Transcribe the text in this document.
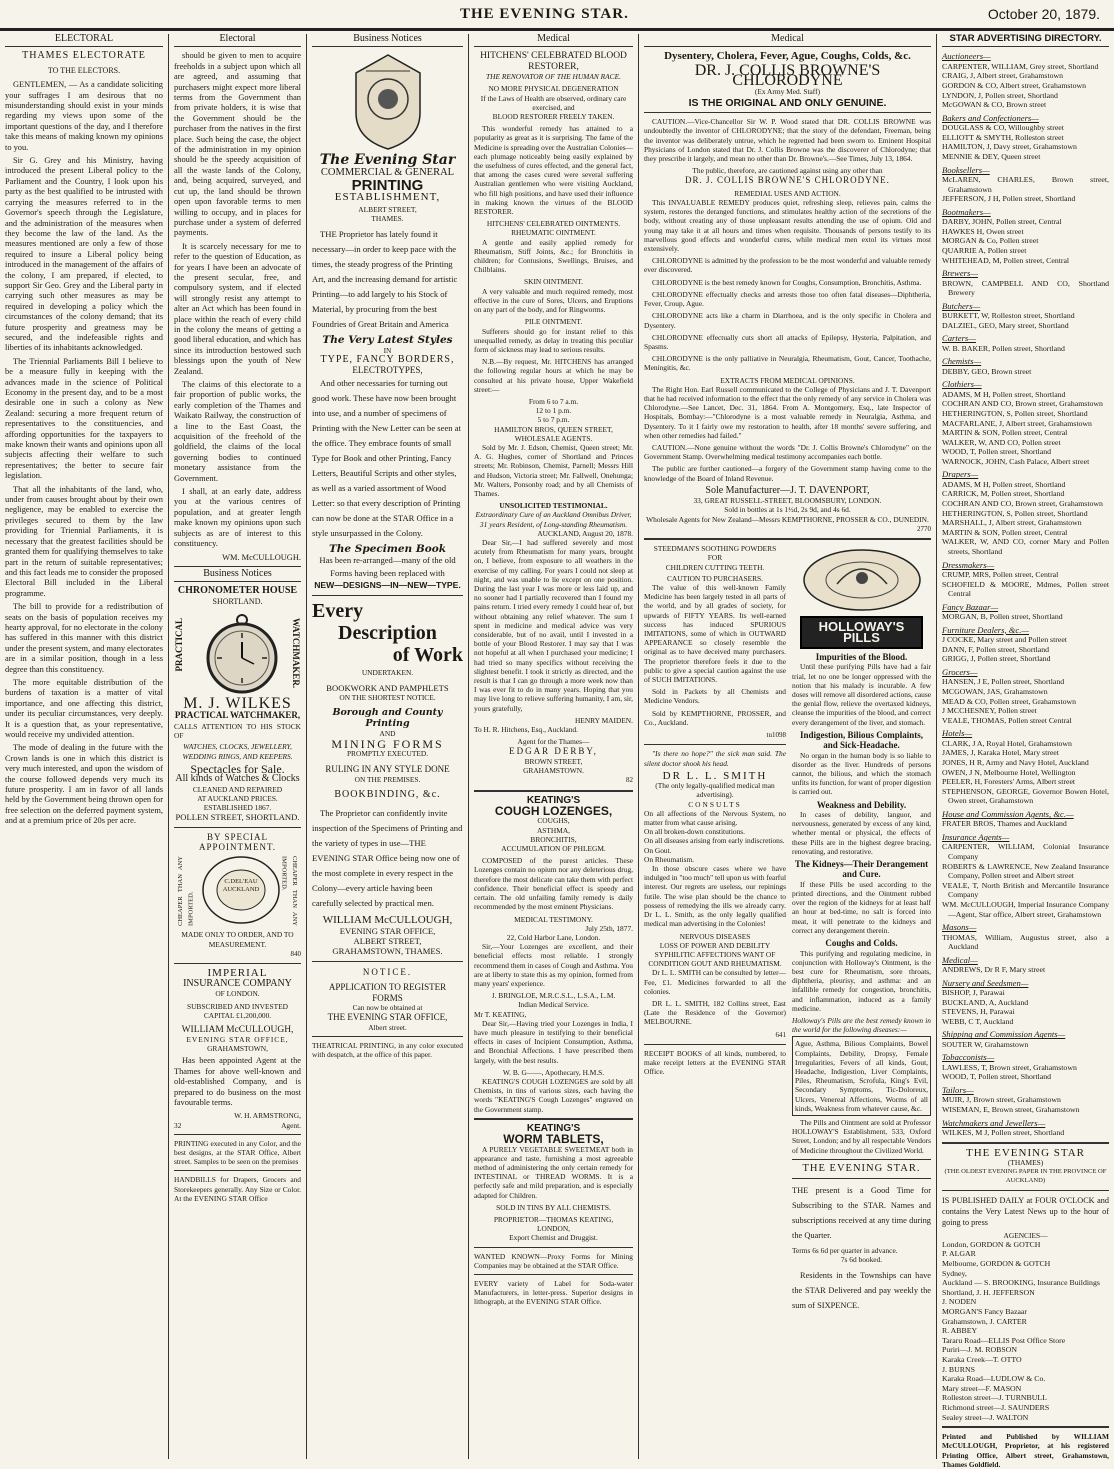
THE EVENING STAR.	October 20, 1879.
ELECTORAL
THAMES ELECTORATE
TO THE ELECTORS.

GENTLEMEN, — As a candidate soliciting your suffrages I am desirous that no misunderstanding should exist in your minds regarding my views upon some of the important questions of the day, and I therefore take this means of making known my opinions to you.

Sir G. Grey and his Ministry, having introduced the present Liberal policy to the Parliament and the Country, I look upon his party as the best qualified to be intrusted with carrying the measures referred to in the Governor's speech through the Legislature, and the administration of the measures when they become the law of the land. As the measures mentioned are only a few of those required to insure a Liberal policy being introduced in the management of the affairs of the colony, I am prepared, if elected, to support Sir Geo. Grey and the Liberal party in carrying such other measures as may be required in developing a policy which the circumstances of the colony demand; that its future prosperity and greatness may be secured, and the indefeasible rights and liberties of its inhabitants acknowledged.

The Triennial Parliaments Bill I believe to be a measure fully in keeping with the advances made in the science of Political Economy in the present day, and to be a most desirable one in such a colony as New Zealand: securing a more frequent return of representatives to the constituencies, and affording opportunities for the taxpayers to make known their wants and opinions upon all subjects affecting their welfare to such representatives; the better to secure fair legislation.

That all the inhabitants of the land, who, under from causes brought about by their own negligence, may be enabled to exercise the privileges secured to them by the law providing for Triennial Parliaments, it is necessary that the greatest facilities should be granted them for qualifying themselves to take part in the return of suitable representatives; and this fact leads me to consider the proposed Electoral Bill included in the Liberal programme.

The bill to provide for a redistribution of seats on the basis of population receives my hearty approval, for no electorate in the colony has suffered in this manner with this district under the present system, and many electorates are in a similar position, though in a less degree than this constituency.

The more equitable distribution of the burdens of taxation is a matter of vital importance, and one affecting this district, under its peculiar circumstances, very deeply. It is a question that, as your representative, would receive my undivided attention.

The mode of dealing in the future with the Crown lands is one in which this district is very much interested, and upon the wisdom of the course followed depends very much its future prosperity. I am in favor of all lands held by the Government being thrown open for free selection on the deferred payment system, and at a premium price of 20s per acre.

Electoral

should be given to men to acquire freeholds in a subject upon which all are agreed, and assuming that purchasers might expect more liberal terms from the Government than from private holders, it is wise that the Government should be the purchaser from the natives in the first place. Such being the case, the object of the administration in my opinion should be the speedy acquisition of all the waste lands of the Colony, and, being acquired, surveyed, and cut up, the land should be thrown open upon favorable terms to men willing to occupy, and in places for purchase under a system of deferred payments.

It is scarcely necessary for me to refer to the question of Education, as for years I have been an advocate of the present secular, free, and compulsory system, and if elected will strongly resist any attempt to alter an Act which has been found in place within the reach of every child in the colony the means of getting a good liberal education, and which has since its introduction bestowed such blessings upon the youth of New Zealand.

The claims of this electorate to a fair proportion of public works, the early completion of the Thames and Waikato Railway, the construction of a line to the East Coast, the acquisition of the freehold of the goldfield, the claims of the local governing bodies to continued monetary assistance from the Government.

I shall, at an early date, address you at the various centres of population, and at greater length make known my opinions upon such subjects as are of interest to this constituency.

WM. McCULLOUGH.
Business Notices
CHRONOMETER HOUSE
SHORTLAND.
PRACTICAL	WATCHMAKER.
M. J. WILKES
PRACTICAL WATCHMAKER,
CALLS ATTENTION TO HIS STOCK OF
WATCHES, CLOCKS, JEWELLERY, WEDDING RINGS, AND KEEPERS.
Spectacles for Sale.
All kinds of Watches & Clocks
CLEANED AND REPAIRED
AT AUCKLAND PRICES.
ESTABLISHED 1867.
POLLEN STREET, SHORTLAND.
BY SPECIAL APPOINTMENT.
CHEAPER THAN ANY IMPORTED.
C.DEL'EAU AUCKLAND	CHEAPER THAN ANY IMPORTED.
MADE ONLY TO ORDER, AND TO MEASUREMENT.
840
IMPERIAL
INSURANCE COMPANY
OF LONDON.
SUBSCRIBED AND INVESTED
CAPITAL £1,200,000.
WILLIAM McCULLOUGH,
EVENING STAR OFFICE,
GRAHAMSTOWN,

Has been appointed Agent at the Thames for above well-known and old-established Company, and is prepared to do business on the most favourable terms.

W. H. ARMSTRONG,
32	Agent.

PRINTING executed in any Color, and the best designs, at the STAR Office, Albert street. Samples to be seen on the premises

HANDBILLS for Drapers, Grocers and Storekeepers generally. Any Size or Color. At the EVENING STAR Office

Business Notices
The Evening Star
COMMERCIAL & GENERAL
PRINTING
ESTABLISHMENT,
ALBERT STREET,
THAMES.

THE Proprietor has lately found it necessary—in order to keep pace with the times, the steady progress of the Printing Art, and the increasing demand for artistic Printing—to add largely to his Stock of Material, by procuring from the best Foundries of Great Britain and America

The Very Latest Styles
IN
TYPE, FANCY BORDERS,
ELECTROTYPES,

And other necessaries for turning out good work. These have now been brought into use, and a number of specimens of Printing with the New Letter can be seen at the office. They embrace founts of small Type for Book and other Printing, Fancy Letters, Beautiful Scripts and other styles, as well as a varied assortment of Wood Letter: so that every description of Printing can now be done at the STAR Office in a style unsurpassed in the Colony.

The Specimen Book
Has been re-arranged—many of the old Forms having been replaced with
NEW—DESIGNS—IN—NEW—TYPE.
Every
Description
of Work
UNDERTAKEN.
BOOKWORK AND PAMPHLETS
ON THE SHORTEST NOTICE.
Borough and County Printing
AND
MINING FORMS
PROMPTLY EXECUTED.
RULING IN ANY STYLE DONE
ON THE PREMISES.
BOOKBINDING, &c.

The Proprietor can confidently invite inspection of the Specimens of Printing and the variety of types in use—THE EVENING STAR Office being now one of the most complete in every respect in the Colony—every article having been carefully selected by practical men.

WILLIAM McCULLOUGH,
EVENING STAR OFFICE,
ALBERT STREET,
GRAHAMSTOWN, THAMES.
NOTICE.
APPLICATION TO REGISTER
FORMS
Can now be obtained at
THE EVENING STAR OFFICE,
Albert street.

THEATRICAL PRINTING, in any color executed with despatch, at the office of this paper.

Medical
HITCHENS' CELEBRATED BLOOD RESTORER,
THE RENOVATOR OF THE HUMAN RACE.
NO MORE PHYSICAL DEGENERATION
If the Laws of Health are observed, ordinary care exercised, and
BLOOD RESTORER FREELY TAKEN.

This wonderful remedy has attained to a popularity as great as it is surprising. The fame of the Medicine is spreading over the Australian Colonies—each plumage noticeably being easily explained by the usefulness of cures effected, and the general fact, that among the cases cured were several suffering Australian gentlemen who were visiting Auckland, who fill high positions, and have used their influence in making known the virtues of the BLOOD RESTORER.

HITCHENS' CELEBRATED OINTMENTS.
RHEUMATIC OINTMENT.

A gentle and easily applied remedy for Rheumatism, Stiff Joints, &c.; for Bronchitis in children; for Contusions, Swellings, Bruises, and Chilblains.

SKIN OINTMENT.

A very valuable and much required remedy, most effective in the cure of Sores, Ulcers, and Eruptions on any part of the body, and for Ringworms.

PILE OINTMENT.

Sufferers should go for instant relief to this unequalled remedy, as delay in treating this peculiar form of sickness may lead to serious results.

N.B.—By request, Mr. HITCHENS has arranged the following regular hours at which he may be consulted at his private house, Upper Wakefield street:—

From 6 to 7 a.m.
12 to 1 p.m.
5 to 7 p.m.
HAMILTON BROS, QUEEN STREET,
WHOLESALE AGENTS.

Sold by Mr. J. Edson, Chemist, Queen street; Mr. A. G. Hughes, corner of Shortland and Princes streets; Mr. Robinson, Chemist, Parnell; Messrs Hill and Hudson, Victoria street; Mr. Fallwell, Onehunga; Mr. Walters, Ponsonby road; and by all Chemists of Thames.

UNSOLICITED TESTIMONIAL.
Extraordinary Cure of an Auckland Omnibus Driver, 31 years Resident, of Long-standing Rheumatism.
AUCKLAND, August 20, 1878.

Dear Sir,—I had suffered severely and most acutely from Rheumatism for many years, brought on, I believe, from exposure to all weathers in the exercise of my calling. For years I could not sleep at night, and was unable to lie except on one position. During the last year I was more or less laid up, and no sooner had I partially recovered than I found my pains return. I tried every remedy I could hear of, but without obtaining any relief whatever. The sum I spent in medicine and medical advice was very considerable, but of no avail, until I invested in a bottle of your Blood Restorer. I may say that I was not hopeful at all when I purchased your medicine; I had tried so many specifics without receiving the slightest benefit. I took it strictly as directed, and the result is that I can go through a more week now than I was ever fit to do in many years. Hoping that you may live long to relieve suffering humanity, I am, sir, yours gratefully,

HENRY MAIDEN.
To H. R. Hitchens, Esq., Auckland.
Agent for the Thames—
EDGAR DERBY,
BROWN STREET,
GRAHAMSTOWN.
82
KEATING'S
COUGH LOZENGES,
COUGHS,
ASTHMA,
BRONCHITIS,
ACCUMULATION OF PHLEGM.

COMPOSED of the purest articles. These Lozenges contain no opium nor any deleterious drug, therefore the most delicate can take them with perfect confidence. Their beneficial effect is speedy and certain. The old unfailing family remedy is daily recommended by the most eminent Physicians.

MEDICAL TESTIMONY.
July 25th, 1877.
22, Cold Harbor Lane, London.

Sir,—Your Lozenges are excellent, and their beneficial effects most reliable. I strongly recommend them in cases of Cough and Asthma. You are at liberty to state this as my opinion, formed from many years' experience.

J. BRINGLOE, M.R.C.S.L., L.S.A., L.M.
Indian Medical Service.
Mr T. KEATING,

Dear Sir,—Having tried your Lozenges in India, I have much pleasure in testifying to their beneficial effects in cases of Incipient Consumption, Asthma, and Bronchial Affections. I have prescribed them largely, with the best results.

W. B. G——, Apothecary, H.M.S.

KEATING'S COUGH LOZENGES are sold by all Chemists, in tins of various sizes, each having the words "KEATING'S Cough Lozenges" engraved on the Government stamp.

KEATING'S
WORM TABLETS,

A PURELY VEGETABLE SWEETMEAT both in appearance and taste, furnishing a most agreeable method of administering the only certain remedy for INTESTINAL or THREAD WORMS. It is a perfectly safe and mild preparation, and is especially adapted for Children.

SOLD IN TINS BY ALL CHEMISTS.
PROPRIETOR—THOMAS KEATING,
LONDON,
Export Chemist and Druggist.

WANTED KNOWN—Proxy Forms for Mining Companies may be obtained at the STAR Office.

EVERY variety of Label for Soda-water Manufacturers, in letter-press. Superior designs in lithograph, at the EVENING STAR Office.

Medical
Dysentery, Cholera, Fever, Ague, Coughs, Colds, &c.
DR. J. COLLIS BROWNE'S CHLORODYNE
(Ex Army Med. Staff)
IS THE ORIGINAL AND ONLY GENUINE.

CAUTION.—Vice-Chancellor Sir W. P. Wood stated that DR. COLLIS BROWNE was undoubtedly the inventor of CHLORODYNE; that the story of the defendant, Freeman, being the inventor was deliberately untrue, which he regretted had been sworn to. Eminent Hospital Physicians of London stated that Dr. J. Collis Browne was the discoverer of Chlorodyne; that they prescribe it largely, and mean no other than Dr. Browne's.—See Times, July 13, 1864.

The public, therefore, are cautioned against using any other than
DR. J. COLLIS BROWNE'S CHLORODYNE.
REMEDIAL USES AND ACTION.

This INVALUABLE REMEDY produces quiet, refreshing sleep, relieves pain, calms the system, restores the deranged functions, and stimulates healthy action of the secretions of the body, without creating any of those unpleasant results attending the use of opium. Old and young may take it at all hours and times when requisite. Thousands of persons testify to its marvellous good effects and wonderful cures, while medical men extol its virtues most extensively.

CHLORODYNE is admitted by the profession to be the most wonderful and valuable remedy ever discovered.

CHLORODYNE is the best remedy known for Coughs, Consumption, Bronchitis, Asthma.

CHLORODYNE effectually checks and arrests those too often fatal diseases—Diphtheria, Fever, Croup, Ague.

CHLORODYNE acts like a charm in Diarrhoea, and is the only specific in Cholera and Dysentery.

CHLORODYNE effectually cuts short all attacks of Epilepsy, Hysteria, Palpitation, and Spasms.

CHLORODYNE is the only palliative in Neuralgia, Rheumatism, Gout, Cancer, Toothache, Meningitis, &c.

EXTRACTS FROM MEDICAL OPINIONS.

The Right Hon. Earl Russell communicated to the College of Physicians and J. T. Davenport that he had received information to the effect that the only remedy of any service in Cholera was Chlorodyne.—See Lancet, Dec. 31, 1864. From A. Montgomery, Esq., late Inspector of Hospitals, Bombay:—"Chlorodyne is a most valuable remedy in Neuralgia, Asthma, and Dysentery. To it I fairly owe my restoration to health, after 18 months' severe suffering, and when other remedies had failed."

CAUTION.—None genuine without the words "Dr. J. Collis Browne's Chlorodyne" on the Government Stamp. Overwhelming medical testimony accompanies each bottle.

The public are further cautioned—a forgery of the Government stamp having come to the knowledge of the Board of Inland Revenue.

Sole Manufacturer—J. T. DAVENPORT,
33, GREAT RUSSELL-STREET, BLOOMSBURY, LONDON.
Sold in bottles at 1s 1½d, 2s 9d, and 4s 6d.
Wholesale Agents for New Zealand—Messrs KEMPTHORNE, PROSSER & CO., DUNEDIN.
2770
STEEDMAN'S SOOTHING POWDERS
FOR
CHILDREN CUTTING TEETH.
CAUTION TO PURCHASERS.

The value of this well-known Family Medicine has been largely tested in all parts of the world, and by all grades of society, for upwards of FIFTY YEARS. Its well-earned success has induced SPURIOUS IMITATIONS, some of which in OUTWARD APPEARANCE so closely resemble the original as to have deceived many purchasers. The proprietor therefore feels it due to the public to give a special caution against the use of SUCH IMITATIONS.

Sold in Packets by all Chemists and Medicine Vendors.

Sold by KEMPTHORNE, PROSSER, and Co., Auckland.

tu1098

"Is there no hope?" the sick man said. The silent doctor shook his head.

DR L. L. SMITH
(The only legally-qualified medical man advertising).
CONSULTS
On all affections of the Nervous System, no matter from what cause arising.
On all broken-down constitutions.
On all diseases arising from early indiscretions.
On Gout.
On Rheumatism.

In those obscure cases where we have indulged in "too much" tell upon us with fearful interest. Our regrets are useless, our repinings futile. The wise plan should be the chance to possess of remedying the ills we already carry. Dr L. L. Smith, as the only legally qualified medical man advertising in the Colonies!

NERVOUS DISEASES
LOSS OF POWER AND DEBILITY SYPHILITIC AFFECTIONS WANT OF CONDITION GOUT AND RHEUMATISM.

Dr L. L. SMITH can be consulted by letter—Fee, £1. Medicines forwarded to all the colonies.

DR L. L. SMITH, 182 Collins street, East (Late the Residence of the Governor) MELBOURNE.

641

RECEIPT BOOKS of all kinds, numbered, to make receipt letters at the EVENING STAR Office.

HOLLOWAY'S PILLS
Impurities of the Blood.

Until these purifying Pills have had a fair trial, let no one be longer oppressed with the notion that his malady is incurable. A few doses will remove all disordered actions, cause the genial flow, relieve the overtaxed kidneys, cleanse the impurities of the blood, and correct every derangement of the liver, and stomach.

Indigestion, Bilious Complaints, and Sick-Headache.

No organ in the human body is so liable to disorder as the liver. Hundreds of persons cannot, the bilious, and which the stomach unfits its function, for want of proper digestion is carried out.

Weakness and Debility.

In cases of debility, languor, and nervousness, generated by excess of any kind, whether mental or physical, the effects of these Pills are in the highest degree bracing, renovating, and restorative.

The Kidneys—Their Derangement and Cure.

If these Pills be used according to the printed directions, and the Ointment rubbed over the region of the kidneys for at least half an hour at bed-time, no salt is forced into meat, it will penetrate to the kidneys and correct any derangement therein.

Coughs and Colds.

This purifying and regulating medicine, in conjunction with Holloway's Ointment, is the best cure for Rheumatism, sore throats, diphtheria, pleurisy, and asthma: and an infallible remedy for congestion, bronchitis, and inflammation, induced as a family medicine.

Holloway's Pills are the best remedy known in the world for the following diseases:—

Ague, Asthma, Bilious Complaints, Bowel Complaints, Debility, Dropsy, Female Irregularities, Fevers of all kinds, Gout, Headache, Indigestion, Liver Complaints, Piles, Rheumatism, Scrofula, King's Evil, Secondary Symptoms, Tic-Doloreux, Ulcers, Venereal Affections, Worms of all kinds, Weakness from whatever cause, &c.

The Pills and Ointment are sold at Professor HOLLOWAY'S Establishment, 533, Oxford Street, London; and by all respectable Vendors of Medicine throughout the Civilized World.

THE EVENING STAR.

THE present is a Good Time for Subscribing to the STAR. Names and subscriptions received at any time during the Quarter.

Terms 6s 6d per quarter in advance.
7s 6d booked.

Residents in the Townships can have the STAR Delivered and pay weekly the sum of SIXPENCE.

STAR ADVERTISING DIRECTORY.
Auctioneers—
CARPENTER, WILLIAM, Grey street, Shortland
CRAIG, J, Albert street, Grahamstown
GORDON & CO, Albert street, Grahamstown
LYNDON, J, Pollen street, Shortland
McGOWAN & CO, Brown street
Bakers and Confectioners—
DOUGLASS & CO, Willoughby street
ELLIOTT & SMYTH, Rolleston street
HAMILTON, J, Davy street, Grahamstown
MENNIE & DEY, Queen street
Booksellers—
McLAREN, CHARLES, Brown street, Grahamstown
JEFFERSON, J H, Pollen street, Shortland
Bootmakers—
DARBY, JOHN, Pollen street, Central
HAWKES H, Owen street
MORGAN & Co, Pollen street
QUARRIE A, Pollen street
WHITEHEAD, M, Pollen street, Central
Brewers—
BROWN, CAMPBELL AND CO, Shortland Brewery
Butchers—
BURKETT, W, Rolleston street, Shortland
DALZIEL, GEO, Mary street, Shortland
Carters—
W. B. BAKER, Pollen street, Shortland
Chemists—
DEBBY, GEO, Brown street
Clothiers—
ADAMS, M H, Pollen street, Shortland
COCHRAN AND CO, Brown street, Grahamstown
HETHERINGTON, S, Pollen street, Shortland
MACFARLANE, J, Albert street, Grahamstown
MARTIN & SON, Pollen street, Central
WALKER, W, AND CO, Pollen street
WOOD, T, Pollen street, Shortland
WARNOCK, JOHN, Cash Palace, Albert street
Drapers—
ADAMS, M H, Pollen street, Shortland
CARRICK, M, Pollen street, Shortland
COCHRAN AND CO, Brown street, Grahamstown
HETHERINGTON, S, Pollen street, Shortland
MARSHALL, J, Albert street, Grahamstown
MARTIN & SON, Pollen street, Central
WALKER, W, AND CO, corner Mary and Pollen streets, Shortland
Dressmakers—
CRUMP, MRS, Pollen street, Central
SCHOFIELD & MOORE, Mdmes, Pollen street Central
Fancy Bazaar—
MORGAN, B, Pollen street, Shortland
Furniture Dealers, &c.—
J COCKE, Mary street and Pollen street
DANN, F, Pollen street, Shortland
GRIGG, J, Pollen street, Shortland
Grocers—
HANSEN, J E, Pollen street, Shortland
MCGOWAN, JAS, Grahamstown
MEAD & CO, Pollen street, Grahamstown
J MCCHESNEY, Pollen street
VEALE, THOMAS, Pollen street Central
Hotels—
CLARK, J A, Royal Hotel, Grahamstown
JAMES, J, Karaka Hotel, Mary street
JONES, H R, Army and Navy Hotel, Auckland
OWEN, J N, Melbourne Hotel, Wellington
PEELER, H, Foresters' Arms, Albert street
STEPHENSON, GEORGE, Governor Bowen Hotel, Owen street, Grahamstown
House and Commission Agents, &c.—
FRATER BROS, Thames and Auckland
Insurance Agents—
CARPENTER, WILLIAM, Colonial Insurance Company
ROBERTS & LAWRENCE, New Zealand Insurance Company, Pollen street and Albert street
VEALE, T, North British and Mercantile Insurance Company
WM. McCULLOUGH, Imperial Insurance Company—Agent, Star office, Albert street, Grahamstown
Masons—
THOMAS, William, Augustus street, also a Auckland
Medical—
ANDREWS, Dr R F, Mary street
Nursery and Seedsmen—
BISHOP, J, Parawai
BUCKLAND, A, Auckland
STEVENS, H, Parawai
WEBB, C T, Auckland
Shipping and Commission Agents—
SOUTER W, Grahamstown
Tobacconists—
LAWLESS, T, Brown street, Grahamstown
WOOD, T, Pollen street, Shortland
Tailors—
MUIR, J, Brown street, Grahamstown
WISEMAN, E, Brown street, Grahamstown
Watchmakers and Jewellers—
WILKES, M J, Pollen street, Shortland
THE EVENING STAR
(THAMES)
(THE OLDEST EVENING PAPER IN THE PROVINCE OF AUCKLAND)

IS PUBLISHED DAILY at FOUR O'CLOCK and contains the Very Latest News up to the hour of going to press

AGENCIES—
London, GORDON & GOTCH
P. ALGAR
Melbourne, GORDON & GOTCH
Sydney,
Auckland — S. BROOKING, Insurance Buildings
Shortland, J. H. JEFFERSON
J. NODEN
MORGAN'S Fancy Bazaar
Grahamstown, J. CARTER
R. ABBEY
Tararu Road—ELLIS Post Office Store
Puriri—J. M. ROBSON
Karaka Creek—T. OTTO
J. BURNS
Karaka Road—LUDLOW & Co.
Mary street—F. MASON
Rolleston street—J. TURNBULL
Richmond street—J. SAUNDERS
Sealey street—J. WALTON

Printed and Published by WILLIAM McCULLOUGH, Proprietor, at his registered Printing Office, Albert street, Grahamstown, Thames Goldfield.
